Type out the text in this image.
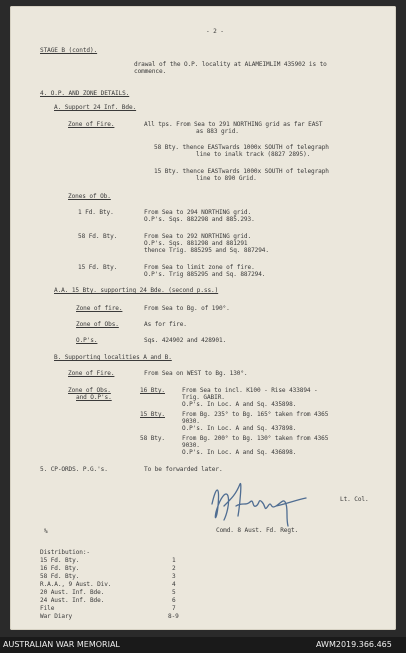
- 2 -
STAGE B (contd).
drawal of the O.P. locality at ALAMEIMLIM 435902 is to
commence.
4. O.P. AND ZONE DETAILS.
A. Support 24 Inf. Bde.
Zone of Fire.	All tps. From Sea to 291 NORTHING grid as far EAST
as 883 grid.
58 Bty. thence EASTwards 1000x SOUTH of telegraph
line to inalk track (8827 2895).
15 Bty. thence EASTwards 1000x SOUTH of telegraph
line to 890 Grid.
Zones of Ob.
1 Fd. Bty.	From Sea to 294 NORTHING grid.
O.P's. Sqs. 882298 and 885.293.
58 Fd. Bty.	From Sea to 292 NORTHING grid.
O.P's. Sqs. 881298 and 881291
thence Trig. 885295 and Sq. 887294.
15 Fd. Bty.	From Sea to limit zone of fire.
O.P's. Trig 885295 and Sq. 887294.
A.A. 15 Bty. supporting 24 Bde. (second p.ss.)
Zone of fire.	From Sea to Bg. of 190°.
Zone of Obs.	As for fire.
O.P's.	Sqs. 424902 and 428901.
B. Supporting localities A and B.
Zone of Fire.	From Sea on WEST to Bg. 130°.
Zone of Obs.
and O.P's.
16 Bty.	From Sea to incl. K100 - Rise 433894 -
Trig. GABIR.
O.P's. In Loc. A and Sq. 435898.
15 Bty.	From Bg. 235° to Bg. 165° taken from 4365
9030.
O.P's. In Loc. A and Sq. 437898.
58 Bty.	From Bg. 200° to Bg. 130° taken from 4365
9030.
O.P's. In Loc. A and Sq. 436898.
5. CP-ORDS. P.G.'s.	To be forwarded later.
Lt. Col.
Comd. 8 Aust. Fd. Regt.
%
Distribution:-
15 Fd. Bty.	1
16 Fd. Bty.	2
58 Fd. Bty.	3
R.A.A., 9 Aust. Div.	4
20 Aust. Inf. Bde.	5
24 Aust. Inf. Bde.	6
File	7
War Diary	8-9
AUSTRALIAN WAR MEMORIAL	AWM2019.366.465
